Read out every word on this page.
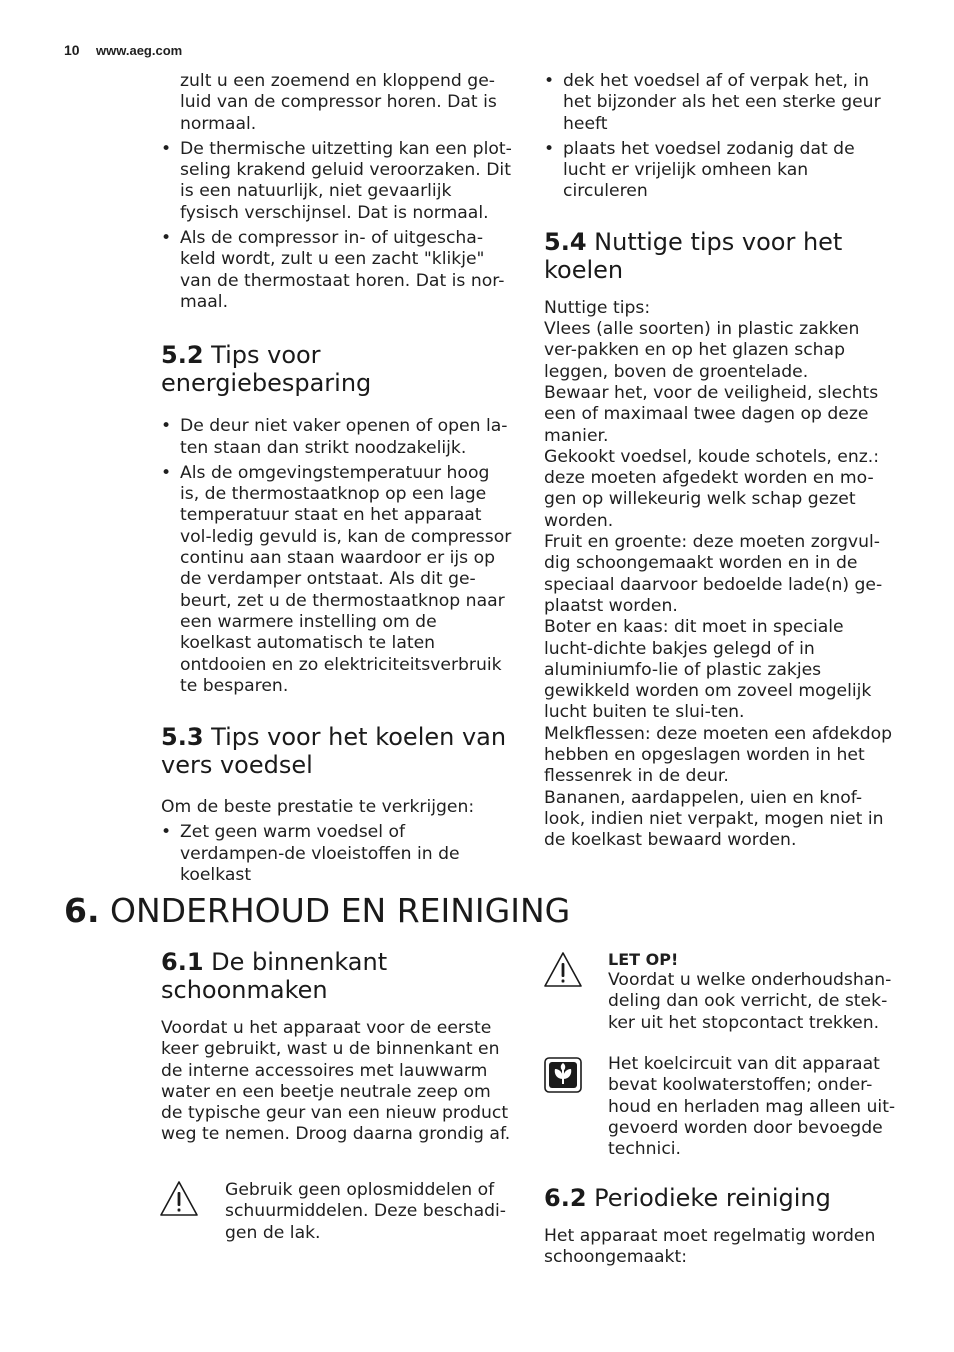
10 www.aeg.com

zult u een zoemend en kloppend ge-luid van de compressor horen. Dat is normaal.

• De thermische uitzetting kan een plot-seling krakend geluid veroorzaken. Dit is een natuurlijk, niet gevaarlijk fysisch verschijnsel. Dat is normaal.
• Als de compressor in- of uitgescha-keld wordt, zult u een zacht "klikje" van de thermostaat horen. Dat is nor-maal.
5.2 Tips voor energiebesparing
• De deur niet vaker openen of open la-ten staan dan strikt noodzakelijk.
• Als de omgevingstemperatuur hoog is, de thermostaatknop op een lage temperatuur staat en het apparaat vol-ledig gevuld is, kan de compressor continu aan staan waardoor er ijs op de verdamper ontstaat. Als dit ge-beurt, zet u de thermostaatknop naar een warmere instelling om de koelkast automatisch te laten ontdooien en zo elektriciteitsverbruik te besparen.
5.3 Tips voor het koelen van vers voedsel

Om de beste prestatie te verkrijgen:

• Zet geen warm voedsel of verdampen-de vloeistoffen in de koelkast
• dek het voedsel af of verpak het, in het bijzonder als het een sterke geur heeft
• plaats het voedsel zodanig dat de lucht er vrijelijk omheen kan circuleren
5.4 Nuttige tips voor het koelen

Nuttige tips:

Vlees (alle soorten) in plastic zakken ver-pakken en op het glazen schap leggen, boven de groentelade.

Bewaar het, voor de veiligheid, slechts een of maximaal twee dagen op deze manier.

Gekookt voedsel, koude schotels, enz.: deze moeten afgedekt worden en mo-gen op willekeurig welk schap gezet worden.

Fruit en groente: deze moeten zorgvul-dig schoongemaakt worden en in de speciaal daarvoor bedoelde lade(n) ge-plaatst worden.

Boter en kaas: dit moet in speciale lucht-dichte bakjes gelegd of in aluminiumfo-lie of plastic zakjes gewikkeld worden om zoveel mogelijk lucht buiten te slui-ten.

Melkflessen: deze moeten een afdekdop hebben en opgeslagen worden in het flessenrek in de deur.

Bananen, aardappelen, uien en knof-look, indien niet verpakt, mogen niet in de koelkast bewaard worden.

6. ONDERHOUD EN REINIGING
6.1 De binnenkant schoonmaken

Voordat u het apparaat voor de eerste keer gebruikt, wast u de binnenkant en de interne accessoires met lauwwarm water en een beetje neutrale zeep om de typische geur van een nieuw product weg te nemen. Droog daarna grondig af.

Gebruik geen oplosmiddelen of schuurmiddelen. Deze beschadi-gen de lak.
LET OP!
Voordat u welke onderhoudshan-deling dan ook verricht, de stek-ker uit het stopcontact trekken.
Het koelcircuit van dit apparaat bevat koolwaterstoffen; onder-houd en herladen mag alleen uit-gevoerd worden door bevoegde technici.
6.2 Periodieke reiniging

Het apparaat moet regelmatig worden schoongemaakt:
